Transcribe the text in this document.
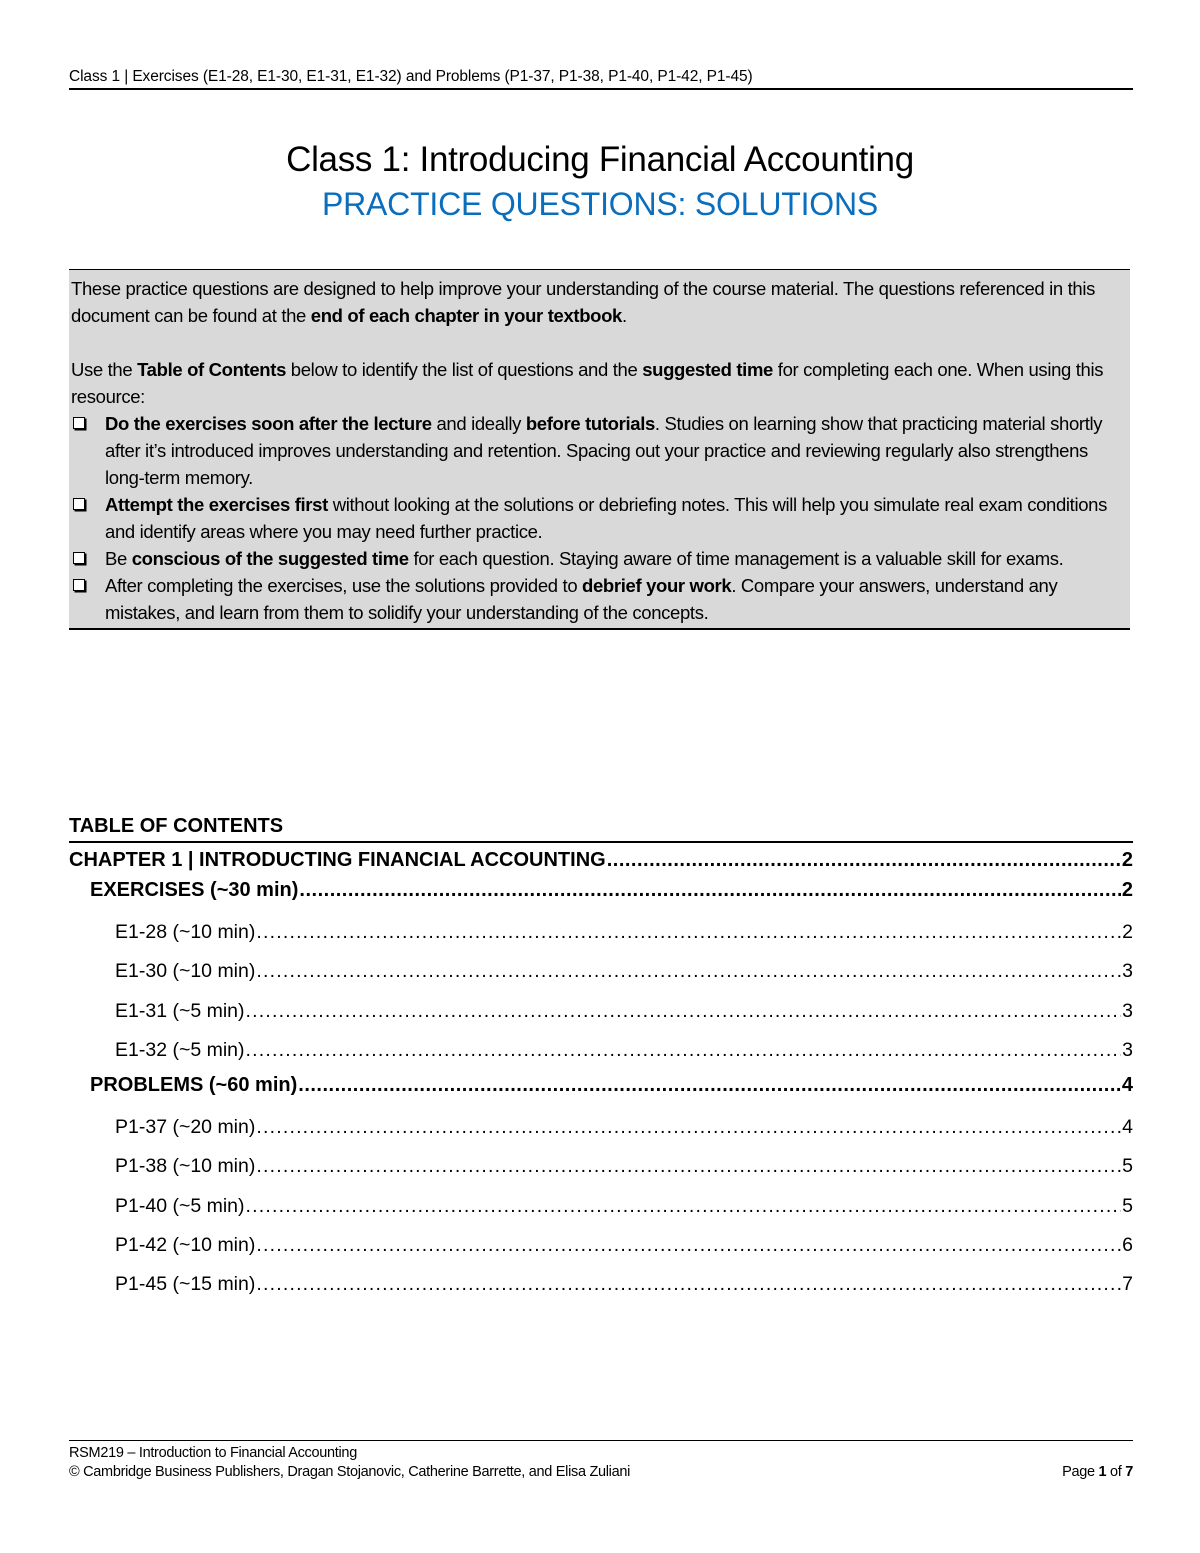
Class 1 | Exercises (E1-28, E1-30, E1-31, E1-32) and Problems (P1-37, P1-38, P1-40, P1-42, P1-45)
Class 1: Introducing Financial Accounting
PRACTICE QUESTIONS: SOLUTIONS

These practice questions are designed to help improve your understanding of the course material. The questions referenced in this document can be found at the end of each chapter in your textbook.

Use the Table of Contents below to identify the list of questions and the suggested time for completing each one. When using this resource:

Do the exercises soon after the lecture and ideally before tutorials. Studies on learning show that practicing material shortly after it’s introduced improves understanding and retention. Spacing out your practice and reviewing regularly also strengthens long-term memory.
Attempt the exercises first without looking at the solutions or debriefing notes. This will help you simulate real exam conditions and identify areas where you may need further practice.
Be conscious of the suggested time for each question. Staying aware of time management is a valuable skill for exams.
After completing the exercises, use the solutions provided to debrief your work. Compare your answers, understand any mistakes, and learn from them to solidify your understanding of the concepts.
TABLE OF CONTENTS
CHAPTER 1 | INTRODUCTING FINANCIAL ACCOUNTING .....	2
EXERCISES (~30 min) .....	2
E1-28 (~10 min) .....	2
E1-30 (~10 min) .....	3
E1-31 (~5 min) .....	3
E1-32 (~5 min) .....	3
PROBLEMS (~60 min) .....	4
P1-37 (~20 min) .....	4
P1-38 (~10 min) .....	5
P1-40 (~5 min) .....	5
P1-42 (~10 min) .....	6
P1-45 (~15 min) .....	7
RSM219 – Introduction to Financial Accounting
© Cambridge Business Publishers, Dragan Stojanovic, Catherine Barrette, and Elisa Zuliani	Page 1 of 7
